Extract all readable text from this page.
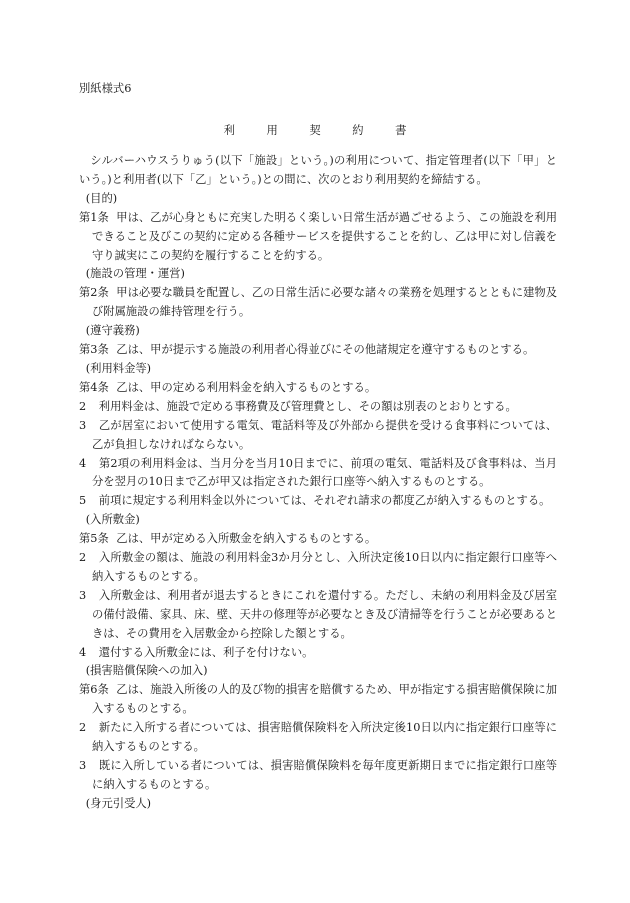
別紙様式6
利 用 契 約 書

シルバーハウスうりゅう(以下「施設」という。)の利用について、指定管理者(以下「甲」という。)と利用者(以下「乙」という。)との間に、次のとおり利用契約を締結する。

(目的)

第1条 甲は、乙が心身ともに充実した明るく楽しい日常生活が過ごせるよう、この施設を利用できること及びこの契約に定める各種サービスを提供することを約し、乙は甲に対し信義を守り誠実にこの契約を履行することを約する。

(施設の管理・運営)

第2条 甲は必要な職員を配置し、乙の日常生活に必要な諸々の業務を処理するとともに建物及び附属施設の維持管理を行う。

(遵守義務)

第3条 乙は、甲が提示する施設の利用者心得並びにその他諸規定を遵守するものとする。

(利用料金等)

第4条 乙は、甲の定める利用料金を納入するものとする。

2 利用料金は、施設で定める事務費及び管理費とし、その額は別表のとおりとする。

3 乙が居室において使用する電気、電話料等及び外部から提供を受ける食事料については、乙が負担しなければならない。

4 第2項の利用料金は、当月分を当月10日までに、前項の電気、電話料及び食事料は、当月分を翌月の10日まで乙が甲又は指定された銀行口座等へ納入するものとする。

5 前項に規定する利用料金以外については、それぞれ請求の都度乙が納入するものとする。

(入所敷金)

第5条 乙は、甲が定める入所敷金を納入するものとする。

2 入所敷金の額は、施設の利用料金3か月分とし、入所決定後10日以内に指定銀行口座等へ納入するものとする。

3 入所敷金は、利用者が退去するときにこれを還付する。ただし、未納の利用料金及び居室の備付設備、家具、床、壁、天井の修理等が必要なとき及び清掃等を行うことが必要あるときは、その費用を入居敷金から控除した額とする。

4 還付する入所敷金には、利子を付けない。

(損害賠償保険への加入)

第6条 乙は、施設入所後の人的及び物的損害を賠償するため、甲が指定する損害賠償保険に加入するものとする。

2 新たに入所する者については、損害賠償保険料を入所決定後10日以内に指定銀行口座等に納入するものとする。

3 既に入所している者については、損害賠償保険料を毎年度更新期日までに指定銀行口座等に納入するものとする。

(身元引受人)
